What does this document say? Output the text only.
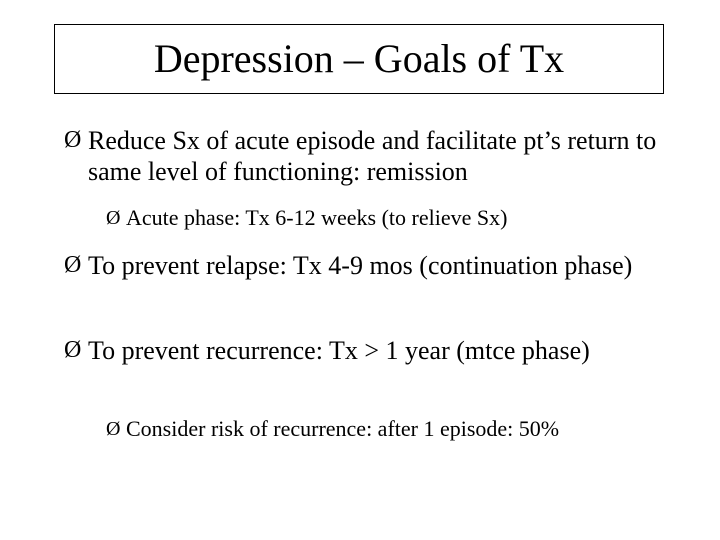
Depression – Goals of Tx
Ø Reduce Sx of acute episode and facilitate pt’s return to same level of functioning: remission
Ø Acute phase: Tx 6-12 weeks (to relieve Sx)
Ø To prevent relapse: Tx 4-9 mos (continuation phase)
Ø To prevent recurrence: Tx > 1 year (mtce phase)
Ø Consider risk of recurrence: after 1 episode: 50%
